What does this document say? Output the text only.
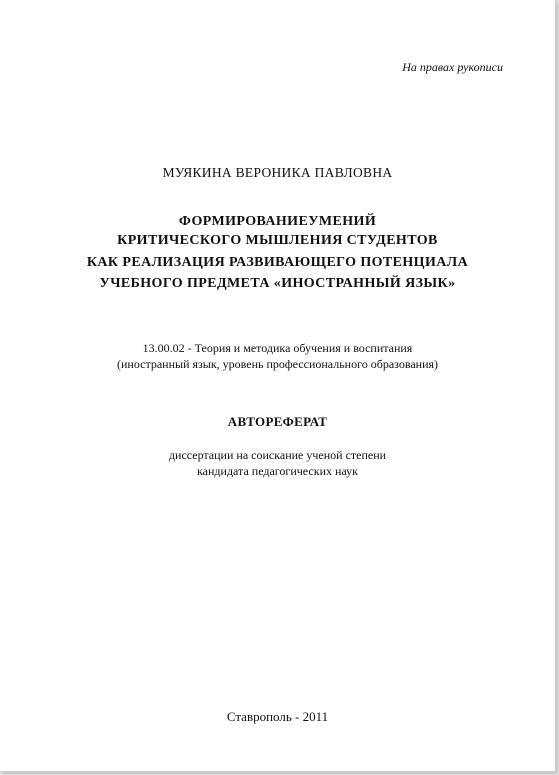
На правах рукописи
МУЯКИНА ВЕРОНИКА ПАВЛОВНА
ФОРМИРОВАНИЕУМЕНИЙ
КРИТИЧЕСКОГО МЫШЛЕНИЯ СТУДЕНТОВ
КАК РЕАЛИЗАЦИЯ РАЗВИВАЮЩЕГО ПОТЕНЦИАЛА
УЧЕБНОГО ПРЕДМЕТА «ИНОСТРАННЫЙ ЯЗЫК»
13.00.02 - Теория и методика обучения и воспитания
(иностранный язык, уровень профессионального образования)
АВТОРЕФЕРАТ
диссертации на соискание ученой степени
кандидата педагогических наук
Ставрополь - 2011
